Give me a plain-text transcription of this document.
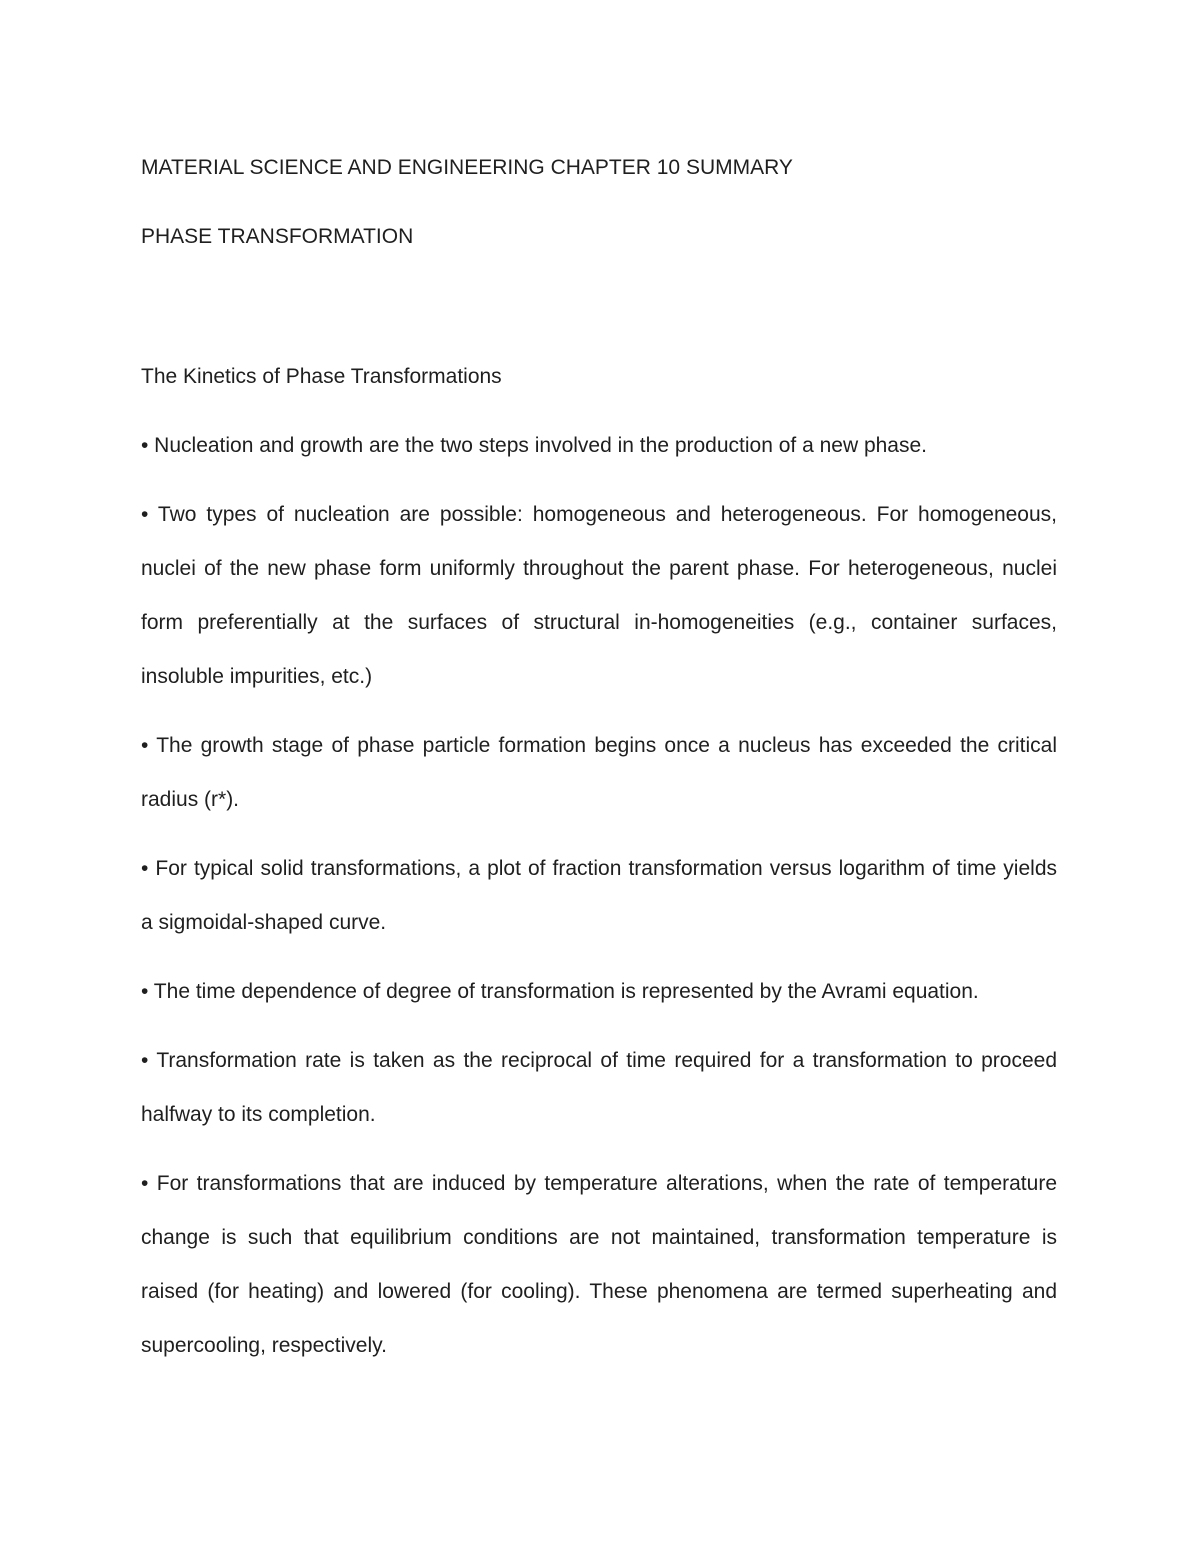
MATERIAL SCIENCE AND ENGINEERING CHAPTER 10 SUMMARY

PHASE TRANSFORMATION

The Kinetics of Phase Transformations

• Nucleation and growth are the two steps involved in the production of a new phase.

• Two types of nucleation are possible: homogeneous and heterogeneous. For homogeneous, nuclei of the new phase form uniformly throughout the parent phase. For heterogeneous, nuclei form preferentially at the surfaces of structural in-homogeneities (e.g., container surfaces, insoluble impurities, etc.)

• The growth stage of phase particle formation begins once a nucleus has exceeded the critical radius (r*).

• For typical solid transformations, a plot of fraction transformation versus logarithm of time yields a sigmoidal-shaped curve.

• The time dependence of degree of transformation is represented by the Avrami equation.

• Transformation rate is taken as the reciprocal of time required for a transformation to proceed halfway to its completion.

• For transformations that are induced by temperature alterations, when the rate of temperature change is such that equilibrium conditions are not maintained, transformation temperature is raised (for heating) and lowered (for cooling). These phenomena are termed superheating and supercooling, respectively.
